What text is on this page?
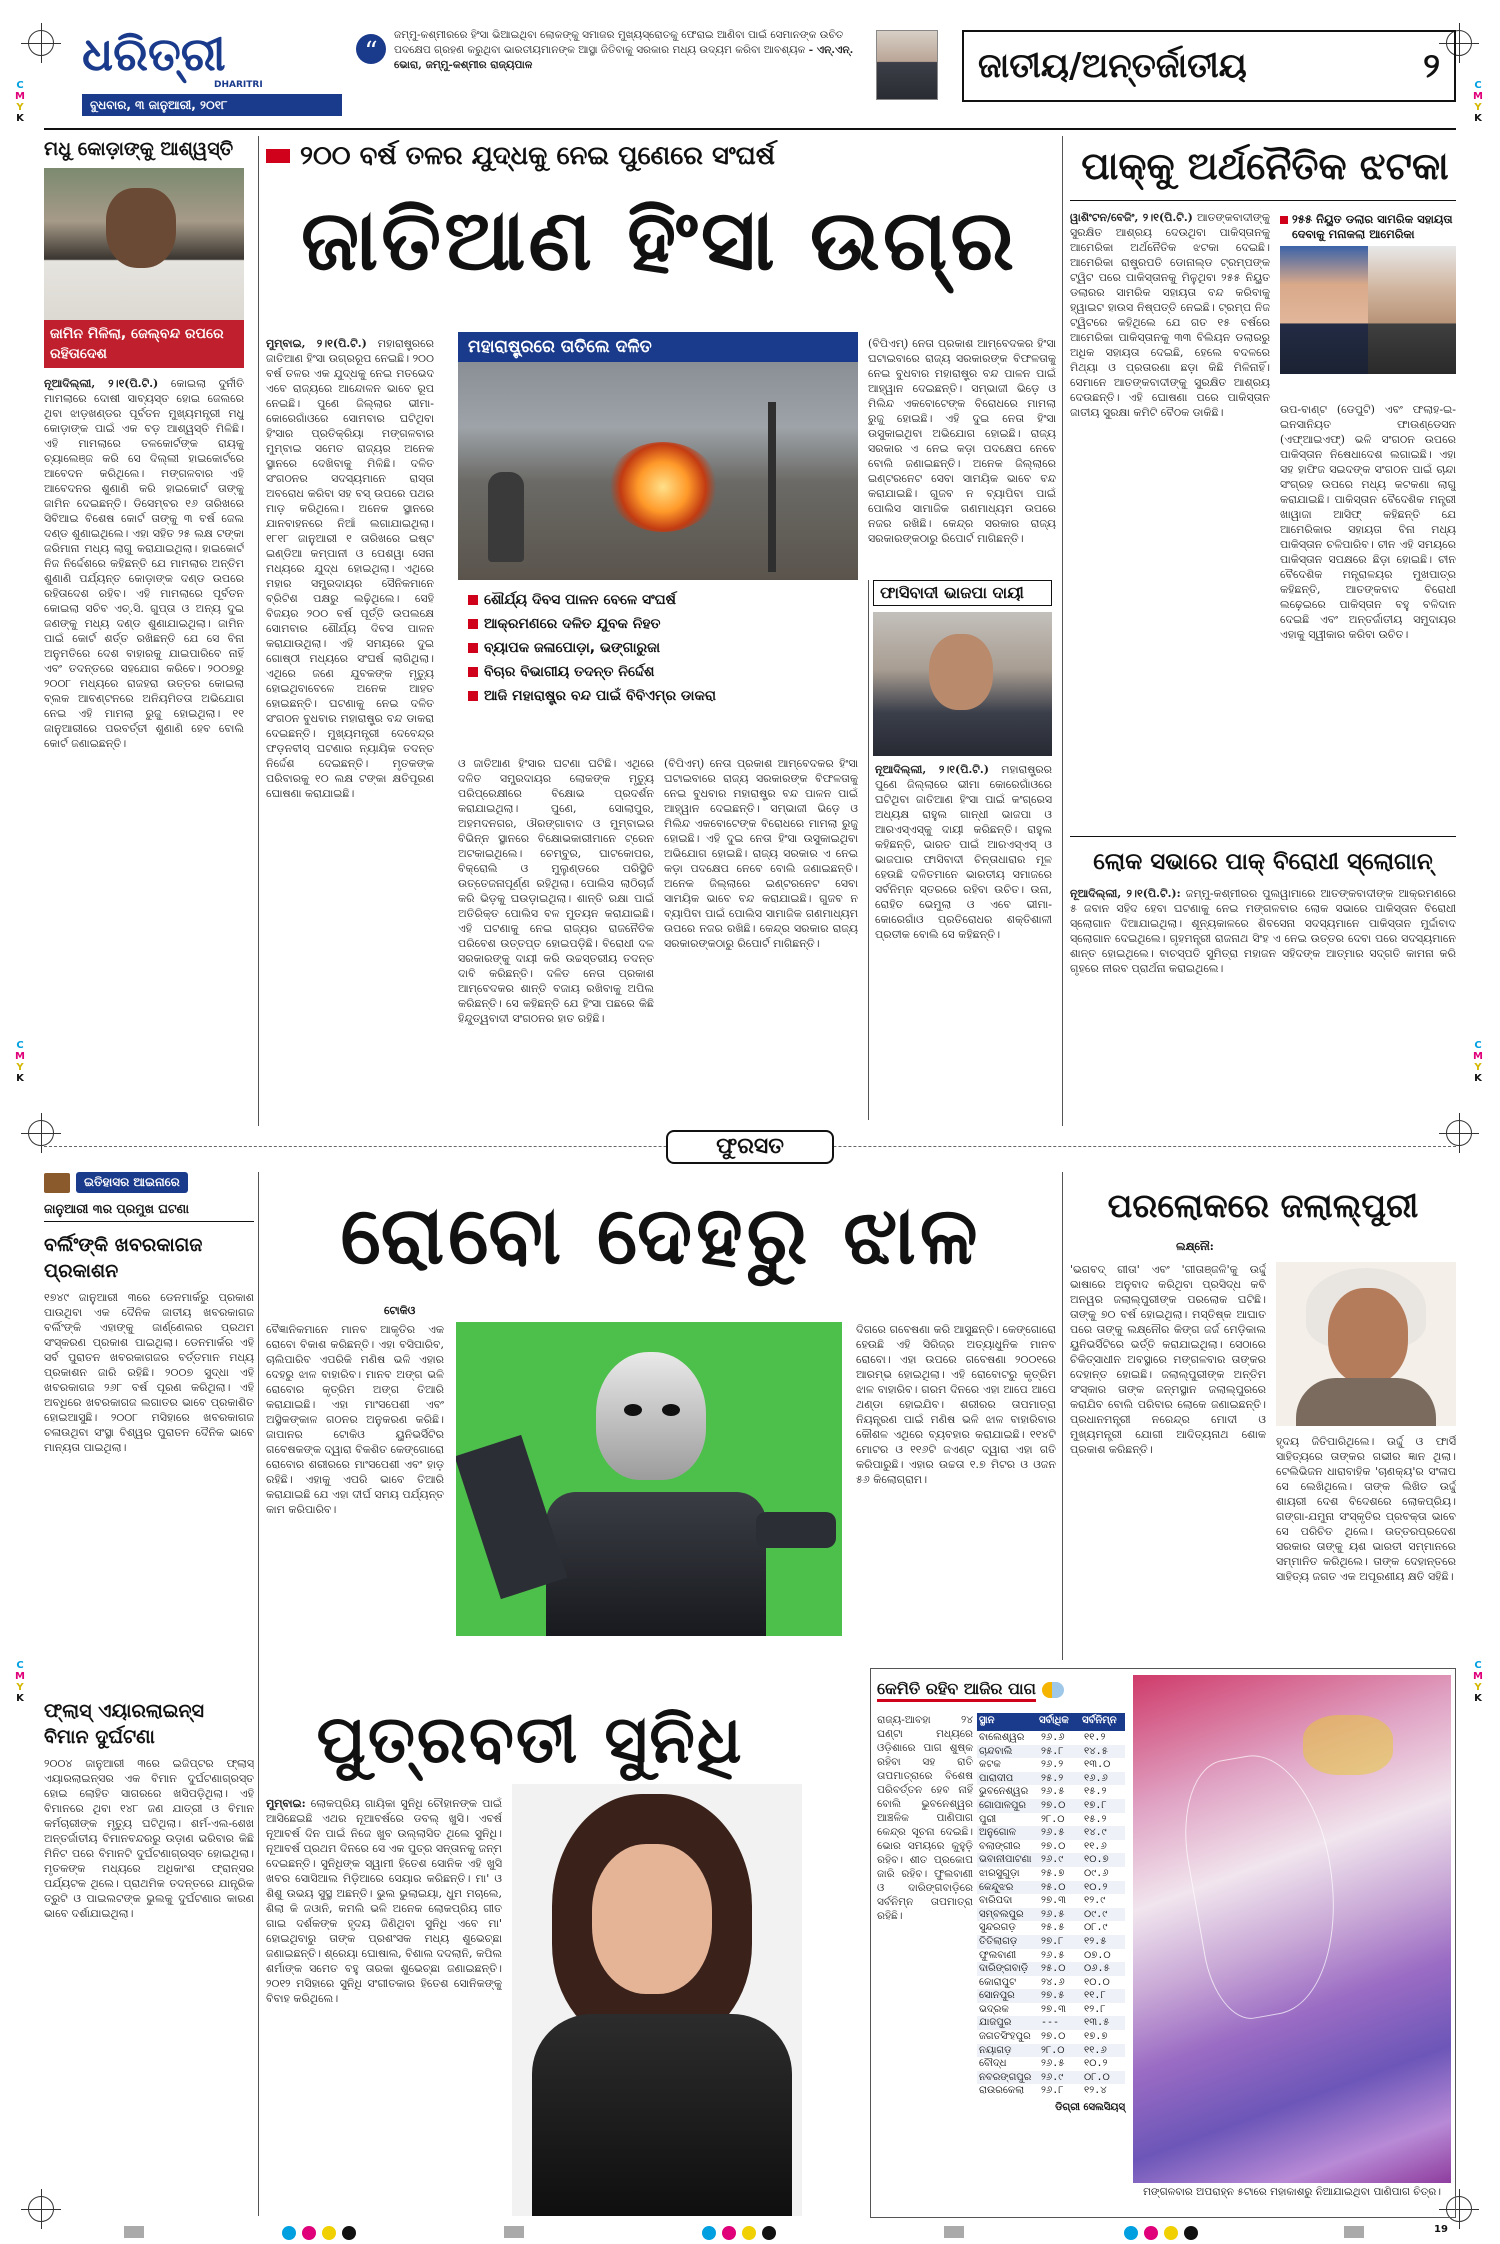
C
M
Y
K
C
M
Y
K
C
M
Y
K
C
M
Y
K
C
M
Y
K
C
M
Y
K
ଧରିତ୍ରୀ
DHARITRI
ବୁଧବାର, ୩ ଜାନୁଆରୀ, ୨୦୧୮
“
ଜମ୍ମୁ-କଶ୍ମୀରରେ ହିଂସା ଭିଆଇଥିବା ଲୋକଙ୍କୁ ସମାଜର ମୁଖ୍ୟସ୍ରୋତକୁ ଫେରାଇ ଆଣିବା ପାଇଁ ସେମାନଙ୍କ ଉଚିତ ପଦକ୍ଷେପ ଗ୍ରହଣ କରୁଥିବା ଭାରତୀୟମାନଙ୍କ ଆସ୍ଥା ଜିତିବାକୁ ସରକାର ମଧ୍ୟ ଉଦ୍ୟମ କରିବା ଆବଶ୍ୟକ - ଏନ୍.ଏନ୍. ଭୋରା, ଜମ୍ମୁ-କଶ୍ମୀର ରାଜ୍ୟପାଳ	ଜାତୀୟ/ଅନ୍ତର୍ଜାତୀୟ	୨
ମଧୁ କୋଡ଼ାଙ୍କୁ ଆଶ୍ୱସ୍ତି
ଜାମିନ ମିଳିଲା, ଜେଲ୍‌ବନ୍ଦ ରପରେ ରହିତାଦେଶ
ନୂଆଦିଲ୍ଲୀ, ୨।୧(ପି.ଟି.) କୋଇଲା ଦୁର୍ନୀତି ମାମଲାରେ ଦୋଷୀ ସାବ୍ୟସ୍ତ ହୋଇ ଜେଲରେ ଥିବା ଝାଡ଼ଖଣ୍ଡର ପୂର୍ବତନ ମୁଖ୍ୟମନ୍ତ୍ରୀ ମଧୁ କୋଡ଼ାଙ୍କ ପାଇଁ ଏକ ବଡ଼ ଆଶ୍ୱସ୍ତି ମିଳିଛି। ଏହି ମାମଲାରେ ତଳକୋର୍ଟଙ୍କ ରାୟକୁ ଚ୍ୟାଲେଞ୍ଜ କରି ସେ ଦିଲ୍ଲୀ ହାଇକୋର୍ଟରେ ଆବେଦନ କରିଥିଲେ। ମଙ୍ଗଳବାର ଏହି ଆବେଦନର ଶୁଣାଣି କରି ହାଇକୋର୍ଟ ତାଙ୍କୁ ଜାମିନ ଦେଇଛନ୍ତି। ଡିସେମ୍ବର ୧୬ ତାରିଖରେ ସିବିଆଇ ବିଶେଷ କୋର୍ଟ ତାଙ୍କୁ ୩ ବର୍ଷ ଜେଲ ଦଣ୍ଡ ଶୁଣାଇଥିଲେ। ଏହା ସହିତ ୨୫ ଲକ୍ଷ ଟଙ୍କା ଜରିମାନା ମଧ୍ୟ ଲାଗୁ କରାଯାଇଥିଲା। ହାଇକୋର୍ଟ ନିଜ ନିର୍ଦ୍ଦେଶରେ କହିଛନ୍ତି ଯେ ମାମଲାର ଅନ୍ତିମ ଶୁଣାଣି ପର୍ଯ୍ୟନ୍ତ କୋଡ଼ାଙ୍କ ଦଣ୍ଡ ଉପରେ ରହିତାଦେଶ ରହିବ। ଏହି ମାମଲାରେ ପୂର୍ବତନ କୋଇଲା ସଚିବ ଏଚ୍.ସି. ଗୁପ୍ତା ଓ ଅନ୍ୟ ଦୁଇ ଜଣଙ୍କୁ ମଧ୍ୟ ଦଣ୍ଡ ଶୁଣାଯାଇଥିଲା। ଜାମିନ ପାଇଁ କୋର୍ଟ ଶର୍ତ୍ତ ରଖିଛନ୍ତି ଯେ ସେ ବିନା ଅନୁମତିରେ ଦେଶ ବାହାରକୁ ଯାଇପାରିବେ ନାହିଁ ଏବଂ ତଦନ୍ତରେ ସହଯୋଗ କରିବେ। ୨୦୦୭ରୁ ୨୦୦୮ ମଧ୍ୟରେ ରାଜହରା ଉତ୍ତର କୋଇଲା ବ୍ଲକ ଆବଣ୍ଟନରେ ଅନିୟମିତତା ଅଭିଯୋଗ ନେଇ ଏହି ମାମଲା ରୁଜୁ ହୋଇଥିଲା। ୧୧ ଜାନୁଆରୀରେ ପରବର୍ତ୍ତୀ ଶୁଣାଣି ହେବ ବୋଲି କୋର୍ଟ ଜଣାଇଛନ୍ତି।
୨୦୦ ବର୍ଷ ତଳର ଯୁଦ୍ଧକୁ ନେଇ ପୁଣେରେ ସଂଘର୍ଷ
ଜାତିଆଣ ହିଂସା ଉଗ୍ର
ମୁମ୍ବାଇ, ୨।୧(ପି.ଟି.) ମହାରାଷ୍ଟ୍ରରେ ଜାତିଆଣ ହିଂସା ଉଗ୍ରରୂପ ନେଇଛି। ୨୦୦ ବର୍ଷ ତଳର ଏକ ଯୁଦ୍ଧକୁ ନେଇ ମତଭେଦ ଏବେ ରାଜ୍ୟରେ ଆନ୍ଦୋଳନ ଭାବେ ରୂପ ନେଇଛି। ପୁଣେ ଜିଲ୍ଲାର ଭୀମା-କୋରେଗାଁଓରେ ସୋମବାର ଘଟିଥିବା ହିଂସାର ପ୍ରତିକ୍ରିୟା ମଙ୍ଗଳବାର ମୁମ୍ବାଇ ସମେତ ରାଜ୍ୟର ଅନେକ ସ୍ଥାନରେ ଦେଖିବାକୁ ମିଳିଛି। ଦଳିତ ସଂଗଠନର ସଦସ୍ୟମାନେ ରାସ୍ତା ଅବରୋଧ କରିବା ସହ ବସ୍ ଉପରେ ପଥର ମାଡ଼ କରିଥିଲେ। ଅନେକ ସ୍ଥାନରେ ଯାନବାହନରେ ନିଆଁ ଲଗାଯାଇଥିଲା। ୧୮୧୮ ଜାନୁଆରୀ ୧ ତାରିଖରେ ଇଷ୍ଟ ଇଣ୍ଡିଆ କମ୍ପାନୀ ଓ ପେଶୱା ସେନା ମଧ୍ୟରେ ଯୁଦ୍ଧ ହୋଇଥିଲା। ଏଥିରେ ମହାର ସମ୍ପ୍ରଦାୟର ସୈନିକମାନେ ବ୍ରିଟିଶ ପକ୍ଷରୁ ଲଢ଼ିଥିଲେ। ସେହି ବିଜୟର ୨୦୦ ବର୍ଷ ପୂର୍ତ୍ତି ଉପଲକ୍ଷେ ସୋମବାର ଶୌର୍ଯ୍ୟ ଦିବସ ପାଳନ କରାଯାଉଥିଲା। ଏହି ସମୟରେ ଦୁଇ ଗୋଷ୍ଠୀ ମଧ୍ୟରେ ସଂଘର୍ଷ ଲାଗିଥିଲା। ଏଥିରେ ଜଣେ ଯୁବକଙ୍କ ମୃତ୍ୟୁ ହୋଇଥିବାବେଳେ ଅନେକ ଆହତ ହୋଇଛନ୍ତି। ଘଟଣାକୁ ନେଇ ଦଳିତ ସଂଗଠନ ବୁଧବାର ମହାରାଷ୍ଟ୍ର ବନ୍ଦ ଡାକରା ଦେଇଛନ୍ତି। ମୁଖ୍ୟମନ୍ତ୍ରୀ ଦେବେନ୍ଦ୍ର ଫଡ଼ନବୀସ୍ ଘଟଣାର ନ୍ୟାୟିକ ତଦନ୍ତ ନିର୍ଦ୍ଦେଶ ଦେଇଛନ୍ତି। ମୃତକଙ୍କ ପରିବାରକୁ ୧୦ ଲକ୍ଷ ଟଙ୍କା କ୍ଷତିପୂରଣ ଘୋଷଣା କରାଯାଇଛି।
ମହାରାଷ୍ଟ୍ରରେ ତାତିଲେ ଦଳିତ
ଶୌର୍ଯ୍ୟ ଦିବସ ପାଳନ ବେଳେ ସଂଘର୍ଷ
ଆକ୍ରମଣରେ ଦଳିତ ଯୁବକ ନିହତ
ବ୍ୟାପକ ଜଳାପୋଡ଼ା, ଭଙ୍ଗାରୁଜା
ବିଚାର ବିଭାଗୀୟ ତଦନ୍ତ ନିର୍ଦ୍ଦେଶ
ଆଜି ମହାରାଷ୍ଟ୍ର ବନ୍ଦ ପାଇଁ ବିବିଏମ୍‌ର ଡାକରା
ଓ ଜାତିଆଣ ହିଂସାର ଘଟଣା ଘଟିଛି। ଏଥିରେ ଦଳିତ ସମ୍ପ୍ରଦାୟର ଲୋକଙ୍କ ମୃତ୍ୟୁ ପରିପ୍ରେକ୍ଷୀରେ ବିକ୍ଷୋଭ ପ୍ରଦର୍ଶନ କରାଯାଇଥିଲା। ପୁଣେ, ସୋଲାପୁର, ଅହମଦନଗର, ଔରଙ୍ଗାବାଦ ଓ ମୁମ୍ବାଇର ବିଭିନ୍ନ ସ୍ଥାନରେ ବିକ୍ଷୋଭକାରୀମାନେ ଟ୍ରେନ ଅଟକାଇଥିଲେ। ଚେମ୍ବୁର, ଘାଟକୋପର, ବିକ୍ରୋଲି ଓ ମୁଲୁଣ୍ଡରେ ପରିସ୍ଥିତି ଉତ୍ତେଜନାପୂର୍ଣ୍ଣ ରହିଥିଲା। ପୋଲିସ ଲାଠିଚାର୍ଜ କରି ଭିଡ଼କୁ ଘଉଡ଼ାଇଥିଲା। ଶାନ୍ତି ରକ୍ଷା ପାଇଁ ଅତିରିକ୍ତ ପୋଲିସ ବଳ ମୁତୟନ କରାଯାଇଛି। ଏହି ଘଟଣାକୁ ନେଇ ରାଜ୍ୟର ରାଜନୈତିକ ପରିବେଶ ଉତ୍ତପ୍ତ ହୋଇପଡ଼ିଛି। ବିରୋଧୀ ଦଳ ସରକାରଙ୍କୁ ଦାୟୀ କରି ଉଚ୍ଚସ୍ତରୀୟ ତଦନ୍ତ ଦାବି କରିଛନ୍ତି। ଦଳିତ ନେତା ପ୍ରକାଶ ଆମ୍ବେଦକର ଶାନ୍ତି ବଜାୟ ରଖିବାକୁ ଅପିଲ କରିଛନ୍ତି। ସେ କହିଛନ୍ତି ଯେ ହିଂସା ପଛରେ କିଛି ହିନ୍ଦୁତ୍ୱବାଦୀ ସଂଗଠନର ହାତ ରହିଛି।
(ବିପିଏମ୍) ନେତା ପ୍ରକାଶ ଆମ୍ବେଦକର ହିଂସା ଘଟାଇବାରେ ରାଜ୍ୟ ସରକାରଙ୍କ ବିଫଳତାକୁ ନେଇ ବୁଧବାର ମହାରାଷ୍ଟ୍ର ବନ୍ଦ ପାଳନ ପାଇଁ ଆହ୍ୱାନ ଦେଇଛନ୍ତି। ସମ୍ଭାଜୀ ଭିଡ଼େ ଓ ମିଲିନ୍ଦ ଏକବୋଟେଙ୍କ ବିରୋଧରେ ମାମଲା ରୁଜୁ ହୋଇଛି। ଏହି ଦୁଇ ନେତା ହିଂସା ଉସୁକାଇଥିବା ଅଭିଯୋଗ ହୋଇଛି। ରାଜ୍ୟ ସରକାର ଏ ନେଇ କଡ଼ା ପଦକ୍ଷେପ ନେବେ ବୋଲି ଜଣାଇଛନ୍ତି। ଅନେକ ଜିଲ୍ଲାରେ ଇଣ୍ଟରନେଟ ସେବା ସାମୟିକ ଭାବେ ବନ୍ଦ କରାଯାଇଛି। ଗୁଜବ ନ ବ୍ୟାପିବା ପାଇଁ ପୋଲିସ ସାମାଜିକ ଗଣମାଧ୍ୟମ ଉପରେ ନଜର ରଖିଛି। କେନ୍ଦ୍ର ସରକାର ରାଜ୍ୟ ସରକାରଙ୍କଠାରୁ ରିପୋର୍ଟ ମାଗିଛନ୍ତି।
(ବିପିଏମ୍) ନେତା ପ୍ରକାଶ ଆମ୍ବେଦକର ହିଂସା ଘଟାଇବାରେ ରାଜ୍ୟ ସରକାରଙ୍କ ବିଫଳତାକୁ ନେଇ ବୁଧବାର ମହାରାଷ୍ଟ୍ର ବନ୍ଦ ପାଳନ ପାଇଁ ଆହ୍ୱାନ ଦେଇଛନ୍ତି। ସମ୍ଭାଜୀ ଭିଡ଼େ ଓ ମିଲିନ୍ଦ ଏକବୋଟେଙ୍କ ବିରୋଧରେ ମାମଲା ରୁଜୁ ହୋଇଛି। ଏହି ଦୁଇ ନେତା ହିଂସା ଉସୁକାଇଥିବା ଅଭିଯୋଗ ହୋଇଛି। ରାଜ୍ୟ ସରକାର ଏ ନେଇ କଡ଼ା ପଦକ୍ଷେପ ନେବେ ବୋଲି ଜଣାଇଛନ୍ତି। ଅନେକ ଜିଲ୍ଲାରେ ଇଣ୍ଟରନେଟ ସେବା ସାମୟିକ ଭାବେ ବନ୍ଦ କରାଯାଇଛି। ଗୁଜବ ନ ବ୍ୟାପିବା ପାଇଁ ପୋଲିସ ସାମାଜିକ ଗଣମାଧ୍ୟମ ଉପରେ ନଜର ରଖିଛି। କେନ୍ଦ୍ର ସରକାର ରାଜ୍ୟ ସରକାରଙ୍କଠାରୁ ରିପୋର୍ଟ ମାଗିଛନ୍ତି।
ଫାସିବାଦୀ ଭାଜପା ଦାୟୀ
ନୂଆଦିଲ୍ଲୀ, ୨।୧(ପି.ଟି.) ମହାରାଷ୍ଟ୍ରର ପୁଣେ ଜିଲ୍ଲାରେ ଭୀମା କୋରେଗାଁଓରେ ଘଟିଥିବା ଜାତିଆଣ ହିଂସା ପାଇଁ କଂଗ୍ରେସ ଅଧ୍ୟକ୍ଷ ରାହୁଲ ଗାନ୍ଧୀ ଭାଜପା ଓ ଆରଏସ୍ଏସ୍‌କୁ ଦାୟୀ କରିଛନ୍ତି। ରାହୁଲ କହିଛନ୍ତି, ଭାରତ ପାଇଁ ଆରଏସ୍ଏସ୍ ଓ ଭାଜପାର ଫାସିବାଦୀ ଚିନ୍ତାଧାରାର ମୂଳ ହେଉଛି ଦଳିତମାନେ ଭାରତୀୟ ସମାଜରେ ସର୍ବନିମ୍ନ ସ୍ତରରେ ରହିବା ଉଚିତ। ଉନା, ରୋହିତ ଭେମୁଲା ଓ ଏବେ ଭୀମା-କୋରେଗାଁଓ ପ୍ରତିରୋଧର ଶକ୍ତିଶାଳୀ ପ୍ରତୀକ ବୋଲି ସେ କହିଛନ୍ତି।
ପାକ୍‌କୁ ଅର୍ଥନୈତିକ ଝଟକା
ୱାଶିଂଟନ/ବେଜିଂ, ୨।୧(ପି.ଟି.) ଆତଙ୍କବାଦୀଙ୍କୁ ସୁରକ୍ଷିତ ଆଶ୍ରୟ ଦେଉଥିବା ପାକିସ୍ତାନକୁ ଆମେରିକା ଅର୍ଥନୈତିକ ଝଟକା ଦେଇଛି। ଆମେରିକା ରାଷ୍ଟ୍ରପତି ଡୋନାଲ୍ଡ ଟ୍ରମ୍ପଙ୍କ ଟ୍ୱିଟ ପରେ ପାକିସ୍ତାନକୁ ମିଳୁଥିବା ୨୫୫ ନିୟୁତ ଡଲାରର ସାମରିକ ସହାୟତା ବନ୍ଦ କରିବାକୁ ହ୍ୱାଇଟ ହାଉସ ନିଷ୍ପତ୍ତି ନେଇଛି। ଟ୍ରମ୍ପ ନିଜ ଟ୍ୱିଟରେ କହିଥିଲେ ଯେ ଗତ ୧୫ ବର୍ଷରେ ଆମେରିକା ପାକିସ୍ତାନକୁ ୩୩ ବିଲିୟନ ଡଲାରରୁ ଅଧିକ ସହାୟତା ଦେଇଛି, ହେଲେ ବଦଳରେ ମିଥ୍ୟା ଓ ପ୍ରତାରଣା ଛଡ଼ା କିଛି ମିଳିନାହିଁ। ସେମାନେ ଆତଙ୍କବାଦୀଙ୍କୁ ସୁରକ୍ଷିତ ଆଶ୍ରୟ ଦେଉଛନ୍ତି। ଏହି ଘୋଷଣା ପରେ ପାକିସ୍ତାନ ଜାତୀୟ ସୁରକ୍ଷା କମିଟି ବୈଠକ ଡାକିଛି।
୨୫୫ ନିୟୁତ ଡଲାର ସାମରିକ ସହାୟତା ଦେବାକୁ ମନାକଲା ଆମେରିକା
ଉପ-ବାଣ୍ଟ (ଡେପୁଟି) ଏବଂ ଫଲାହ-ଇ-ଇନସାନିୟତ ଫାଉଣ୍ଡେସନ (ଏଫ୍ଆଇଏଫ୍) ଭଳି ସଂଗଠନ ଉପରେ ପାକିସ୍ତାନ ନିଷେଧାଦେଶ ଲଗାଇଛି। ଏହା ସହ ହାଫିଜ ସଇଦଙ୍କ ସଂଗଠନ ପାଇଁ ଚାନ୍ଦା ସଂଗ୍ରହ ଉପରେ ମଧ୍ୟ କଟକଣା ଲାଗୁ କରାଯାଇଛି। ପାକିସ୍ତାନ ବୈଦେଶିକ ମନ୍ତ୍ରୀ ଖାୱାଜା ଆସିଫ୍ କହିଛନ୍ତି ଯେ ଆମେରିକାର ସହାୟତା ବିନା ମଧ୍ୟ ପାକିସ୍ତାନ ଚଳିପାରିବ। ଚୀନ ଏହି ସମୟରେ ପାକିସ୍ତାନ ସପକ୍ଷରେ ଛିଡ଼ା ହୋଇଛି। ଚୀନ ବୈଦେଶିକ ମନ୍ତ୍ରାଳୟର ମୁଖପାତ୍ର କହିଛନ୍ତି, ଆତଙ୍କବାଦ ବିରୋଧୀ ଲଢ଼େଇରେ ପାକିସ୍ତାନ ବହୁ ବଳିଦାନ ଦେଇଛି ଏବଂ ଅନ୍ତର୍ଜାତୀୟ ସମୁଦାୟର ଏହାକୁ ସ୍ୱୀକାର କରିବା ଉଚିତ।
ଲୋକ ସଭାରେ ପାକ୍ ବିରୋଧୀ ସ୍ଲୋଗାନ୍
ନୂଆଦିଲ୍ଲୀ, ୨।୧(ପି.ଟି.): ଜମ୍ମୁ-କଶ୍ମୀରର ପୁଲୱାମାରେ ଆତଙ୍କବାଦୀଙ୍କ ଆକ୍ରମଣରେ ୫ ଜବାନ ସହିଦ ହେବା ଘଟଣାକୁ ନେଇ ମଙ୍ଗଳବାର ଲୋକ ସଭାରେ ପାକିସ୍ତାନ ବିରୋଧୀ ସ୍ଲୋଗାନ ଦିଆଯାଇଥିଲା। ଶୂନ୍ୟକାଳରେ ଶିବସେନା ସଦସ୍ୟମାନେ ପାକିସ୍ତାନ ମୁର୍ଦ୍ଦାବାଦ ସ୍ଲୋଗାନ ଦେଇଥିଲେ। ଗୃହମନ୍ତ୍ରୀ ରାଜନାଥ ସିଂହ ଏ ନେଇ ଉତ୍ତର ଦେବା ପରେ ସଦସ୍ୟମାନେ ଶାନ୍ତ ହୋଇଥିଲେ। ବାଚସ୍ପତି ସୁମିତ୍ରା ମହାଜନ ସହିଦଙ୍କ ଆତ୍ମାର ସଦ୍‌ଗତି କାମନା କରି ଗୃହରେ ନୀରବ ପ୍ରାର୍ଥନା କରାଇଥିଲେ।
ଫୁରସତ
ଇତିହାସର ଆଇନାରେ
ଜାନୁଆରୀ ୩ର ପ୍ରମୁଖ ଘଟଣା
ବର୍ଲିଂଙ୍କି ଖବରକାଗଜ ପ୍ରକାଶନ
୧୭୪୯ ଜାନୁଆରୀ ୩ରେ ଡେନମାର୍କରୁ ପ୍ରକାଶ ପାଉଥିବା ଏକ ଦୈନିକ ଜାତୀୟ ଖବରକାଗଜ ବର୍ଲିଂଙ୍କି ଏହାଙ୍କୁ ଜାର୍ଣ୍ଣେଲର ପ୍ରଥମ ସଂସ୍କରଣ ପ୍ରକାଶ ପାଇଥିଲା। ଡେନମାର୍କର ଏହି ସର୍ବ ପୁରାତନ ଖବରକାଗଜର ବର୍ତ୍ତମାନ ମଧ୍ୟ ପ୍ରକାଶନ ଜାରି ରହିଛି। ୨୦୦୭ ସୁଦ୍ଧା ଏହି ଖବରକାଗଜ ୨୬୮ ବର୍ଷ ପୂରଣ କରିଥିଲା। ଏହି ଅବଧିରେ ଖବରକାଗଜ ଲଗାତର ଭାବେ ପ୍ରକାଶିତ ହୋଇଆସୁଛି। ୨୦୦୮ ମସିହାରେ ଖବରକାଗଜ ଚଳାଉଥିବା ସଂସ୍ଥା ବିଶ୍ୱର ପୁରାତନ ଦୈନିକ ଭାବେ ମାନ୍ୟତା ପାଇଥିଲା।
ଫ୍ଲାସ୍ ଏୟାରଲାଇନ୍ସ ବିମାନ ଦୁର୍ଘଟଣା
୨୦୦୪ ଜାନୁଆରୀ ୩ରେ ଇଜିପ୍ଟର ଫ୍ଲାସ୍ ଏୟାରଲାଇନ୍ସର ଏକ ବିମାନ ଦୁର୍ଘଟଣାଗ୍ରସ୍ତ ହୋଇ ଲୋହିତ ସାଗରରେ ଖସିପଡ଼ିଥିଲା। ଏହି ବିମାନରେ ଥିବା ୧୪୮ ଜଣ ଯାତ୍ରୀ ଓ ବିମାନ କର୍ମଚାରୀଙ୍କ ମୃତ୍ୟୁ ଘଟିଥିଲା। ଶର୍ମ-ଏଲ-ଶେଖ ଅନ୍ତର୍ଜାତୀୟ ବିମାନବନ୍ଦରରୁ ଉଡ଼ାଣ ଭରିବାର କିଛି ମିନିଟ ପରେ ବିମାନଟି ଦୁର୍ଘଟଣାଗ୍ରସ୍ତ ହୋଇଥିଲା। ମୃତକଙ୍କ ମଧ୍ୟରେ ଅଧିକାଂଶ ଫ୍ରାନ୍ସର ପର୍ଯ୍ୟଟକ ଥିଲେ। ପ୍ରାଥମିକ ତଦନ୍ତରେ ଯାନ୍ତ୍ରିକ ତ୍ରୁଟି ଓ ପାଇଲଟଙ୍କ ଭୁଲକୁ ଦୁର୍ଘଟଣାର କାରଣ ଭାବେ ଦର୍ଶାଯାଇଥିଲା।
ରୋବୋ ଦେହରୁ ଝାଳ
ଟୋକିଓ
ବୈଜ୍ଞାନିକମାନେ ମାନବ ଆକୃତିର ଏକ ରୋବୋ ବିକାଶ କରିଛନ୍ତି। ଏହା ବସିପାରିବ, ଚାଲିପାରିବ ଏପରିକି ମଣିଷ ଭଳି ଏହାର ଦେହରୁ ଝାଳ ବାହାରିବ। ମାନବ ଅଙ୍ଗ ଭଳି ରୋବୋର କୃତ୍ରିମ ଅଙ୍ଗ ତିଆରି କରାଯାଇଛି। ଏହା ମାଂସପେଶୀ ଏବଂ ଅସ୍ଥିକଙ୍କାଳ ଗଠନର ଅନୁକରଣ କରିଛି। ଜାପାନର ଟୋକିଓ ୟୁନିଭର୍ସିଟିର ଗବେଷକଙ୍କ ଦ୍ୱାରା ବିକଶିତ କେଙ୍ଗୋରୋ ରୋବୋର ଶରୀରରେ ମାଂସପେଶୀ ଏବଂ ହାଡ଼ ରହିଛି। ଏହାକୁ ଏପରି ଭାବେ ତିଆରି କରାଯାଇଛି ଯେ ଏହା ଦୀର୍ଘ ସମୟ ପର୍ଯ୍ୟନ୍ତ କାମ କରିପାରିବ।
ଦିଗରେ ଗବେଷଣା କରି ଆସୁଛନ୍ତି। କେଙ୍ଗୋରୋ ହେଉଛି ଏହି ସିରିଜ୍‌ର ଅତ୍ୟାଧୁନିକ ମାନବ ରୋବୋ। ଏହା ଉପରେ ଗବେଷଣା ୨୦୦୧ରେ ଆରମ୍ଭ ହୋଇଥିଲା। ଏହି ରୋବୋଟରୁ କୃତ୍ରିମ ଝାଳ ବାହାରିବ। ଗରମ ଦିନରେ ଏହା ଆପେ ଆପେ ଥଣ୍ଡା ହୋଇଯିବ। ଶରୀରର ତାପମାତ୍ରା ନିୟନ୍ତ୍ରଣ ପାଇଁ ମଣିଷ ଭଳି ଝାଳ ବାହାରିବାର କୌଶଳ ଏଥିରେ ବ୍ୟବହାର କରାଯାଇଛି। ୧୧୪ଟି ମୋଟର ଓ ୧୧୬ଟି ଜଏଣ୍ଟ ଦ୍ୱାରା ଏହା ଗତି କରିପାରୁଛି। ଏହାର ଉଚ୍ଚତା ୧.୭ ମିଟର ଓ ଓଜନ ୫୬ କିଲୋଗ୍ରାମ।
ପୁତ୍ରବତୀ ସୁନିଧି
ମୁମ୍ବାଇ: ଲୋକପ୍ରିୟ ଗାୟିକା ସୁନିଧି ଚୌହାନଙ୍କ ପାଇଁ ଆସିଛେଇଛି ଏଥର ନୂଆବର୍ଷରେ ଡବଲ୍ ଖୁସି। ଏବର୍ଷ ନୂଆବର୍ଷ ଦିନ ପାଇଁ ନିଜେ ଖୁବ ଉଲ୍ଲାସିତ ଥିଲେ ସୁନିଧି। ନୂଆବର୍ଷ ପ୍ରଥମ ଦିନରେ ସେ ଏକ ପୁତ୍ର ସନ୍ତାନକୁ ଜନ୍ମ ଦେଇଛନ୍ତି। ସୁନିଧିଙ୍କ ସ୍ୱାମୀ ହିତେଶ ସୋନିକ ଏହି ଖୁସି ଖବର ସୋସିଆଲ ମିଡ଼ିଆରେ ସେୟାର କରିଛନ୍ତି। ମା' ଓ ଶିଶୁ ଉଭୟ ସୁସ୍ଥ ଅଛନ୍ତି। ଭୁଲ ଭୁଲାଇୟା, ଧୁମ ମଚାଲେ, ଶିଲା କି ଜଓାନି, କମଲି ଭଳି ଅନେକ ଲୋକପ୍ରିୟ ଗୀତ ଗାଇ ଦର୍ଶକଙ୍କ ହୃଦୟ ଜିଣିଥିବା ସୁନିଧି ଏବେ ମା' ହୋଇଥିବାରୁ ତାଙ୍କ ପ୍ରଶଂସକ ମଧ୍ୟ ଶୁଭେଚ୍ଛା ଜଣାଇଛନ୍ତି। ଶ୍ରେୟା ଘୋଷାଲ, ବିଶାଲ ଦଦଲାନି, କପିଲ ଶର୍ମାଙ୍କ ସମେତ ବହୁ ତାରକା ଶୁଭେଚ୍ଛା ଜଣାଇଛନ୍ତି। ୨୦୧୨ ମସିହାରେ ସୁନିଧି ସଂଗୀତକାର ହିତେଶ ସୋନିକଙ୍କୁ ବିବାହ କରିଥିଲେ।
ପରଲୋକରେ ଜଲାଲ୍‌ପୁରୀ
ଲକ୍ଷ୍ନୌ:
'ଭଗବଦ୍ ଗୀତା' ଏବଂ 'ଗୀତାଞ୍ଜଳି'କୁ ଉର୍ଦ୍ଦୁ ଭାଷାରେ ଅନୁବାଦ କରିଥିବା ପ୍ରସିଦ୍ଧ କବି ଅନୱର ଜଲାଲ୍‌ପୁରୀଙ୍କ ପରଲୋକ ଘଟିଛି। ତାଙ୍କୁ ୭୦ ବର୍ଷ ହୋଇଥିଲା। ମସ୍ତିଷ୍କ ଆଘାତ ପରେ ତାଙ୍କୁ ଲକ୍ଷ୍ନୌର କିଙ୍ଗ ଜର୍ଜ ମେଡ଼ିକାଲ ୟୁନିଭର୍ସିଟିରେ ଭର୍ତ୍ତି କରାଯାଇଥିଲା। ସେଠାରେ ଚିକିତ୍ସାଧୀନ ଅବସ୍ଥାରେ ମଙ୍ଗଳବାର ତାଙ୍କର ଦେହାନ୍ତ ହୋଇଛି। ଜଲାଲ୍‌ପୁରୀଙ୍କ ଅନ୍ତିମ ସଂସ୍କାର ତାଙ୍କ ଜନ୍ମସ୍ଥାନ ଜଲାଲ୍‌ପୁରରେ କରାଯିବ ବୋଲି ପରିବାର ଲୋକେ ଜଣାଇଛନ୍ତି। ପ୍ରଧାନମନ୍ତ୍ରୀ ନରେନ୍ଦ୍ର ମୋଦୀ ଓ ମୁଖ୍ୟମନ୍ତ୍ରୀ ଯୋଗୀ ଆଦିତ୍ୟନାଥ ଶୋକ ପ୍ରକାଶ କରିଛନ୍ତି।
ହୃଦୟ ଜିତିପାରିଥିଲେ। ଉର୍ଦ୍ଦୁ ଓ ଫାର୍ସି ସାହିତ୍ୟରେ ତାଙ୍କର ଗଭୀର ଜ୍ଞାନ ଥିଲା। ଟେଲିଭିଜନ ଧାରାବାହିକ 'ଚାଣକ୍ୟ'ର ସଂଳାପ ସେ ଲେଖିଥିଲେ। ତାଙ୍କ ଲିଖିତ ଉର୍ଦ୍ଦୁ ଶାୟରୀ ଦେଶ ବିଦେଶରେ ଲୋକପ୍ରିୟ। ଗଙ୍ଗା-ଯମୁନା ସଂସ୍କୃତିର ପ୍ରବକ୍ତା ଭାବେ ସେ ପରିଚିତ ଥିଲେ। ଉତ୍ତରପ୍ରଦେଶ ସରକାର ତାଙ୍କୁ ୟଶ ଭାରତୀ ସମ୍ମାନରେ ସମ୍ମାନିତ କରିଥିଲେ। ତାଙ୍କ ଦେହାନ୍ତରେ ସାହିତ୍ୟ ଜଗତ ଏକ ଅପୂରଣୀୟ କ୍ଷତି ସହିଛି।
କେମିତି ରହିବ ଆଜିର ପାଗ
ରାଜ୍ୟ-ଆବହା ୨୪ ଘଣ୍ଟା ମଧ୍ୟରେ ଓଡ଼ିଶାରେ ପାଗ ଶୁଷ୍କ ରହିବା ସହ ରାତି ତାପମାତ୍ରାରେ ବିଶେଷ ପରିବର୍ତ୍ତନ ହେବ ନାହିଁ ବୋଲି ଭୁବନେଶ୍ୱର ଆଞ୍ଚଳିକ ପାଣିପାଗ କେନ୍ଦ୍ର ସୂଚନା ଦେଇଛି। ଭୋର ସମୟରେ କୁହୁଡ଼ି ରହିବ। ଶୀତ ପ୍ରକୋପ ଜାରି ରହିବ। ଫୁଲବାଣୀ ଓ ଦାରିଙ୍ଗବାଡ଼ିରେ ସର୍ବନିମ୍ନ ତାପମାତ୍ରା ରହିଛି।
ସ୍ଥାନ	ସର୍ବାଧିକ	ସର୍ବନିମ୍ନ
ବାଲେଶ୍ୱର	୨୬.୬	୧୧.୨
ଚାନ୍ଦବାଲି	୨୫.୮	୧୪.୫
କଟକ	୨୬.୨	୧୩.୦
ପାରାଦୀପ	୨୫.୨	୧୬.୬
ଭୁବନେଶ୍ୱର	୨୬.୫	୧୫.୨
ଗୋପାଳପୁର	୨୭.୦	୧୭.୮
ପୁରୀ	୨୮.୦	୧୫.୨
ଅନୁଗୋଳ	୨୬.୫	୧୪.୯
ବଲାଙ୍ଗୀର	୨୭.୦	୧୧.୬
ଭବାନୀପାଟଣା ୨୬.୯	୧୦.୭
ଝାରସୁଗୁଡ଼ା	୨୫.୭	୦୯.୬
କେନ୍ଦୁଝର	୨୫.୦	୧୦.୨
ବାରିପଦା	୨୭.୩	୧୨.୯
ସମ୍ବଲପୁର	୨୬.୫	୦୯.୯
ସୁନ୍ଦରଗଡ଼	୨୫.୫	୦୮.୯
ତିତିଲାଗଡ଼	୨୭.୮	୧୨.୫
ଫୁଲବାଣୀ	୨୬.୫	୦୭.୦
ଦାରିଙ୍ଗବାଡ଼ି	୨୫.୦	୦୬.୫
କୋରାପୁଟ	୨୪.୬	୧୦.୦
ସୋନପୁର	୨୭.୫	୧୧.୮
ଭଦ୍ରକ	୨୭.୩	୧୨.୮
ଯାଜପୁର	---	୧୩.୫
ଜଗତସିଂହପୁର	୨୭.୦	୧୭.୭
ନୟାଗଡ଼	୨୮.୦	୧୧.୬
ବୌଦ୍ଧ	୨୬.୫	୧୦.୨
ନବରଙ୍ଗପୁର ୨୬.୯	୦୮.୦
ରାଉରକେଲା	୨୬.୮	୧୨.୪
ଡିଗ୍ରୀ ସେଲସିୟସ୍
ମଙ୍ଗଳବାର ଅପରାହ୍ନ ୫ଟାରେ ମହାକାଶରୁ ନିଆଯାଇଥିବା ପାଣିପାଗ ଚିତ୍ର।
19
